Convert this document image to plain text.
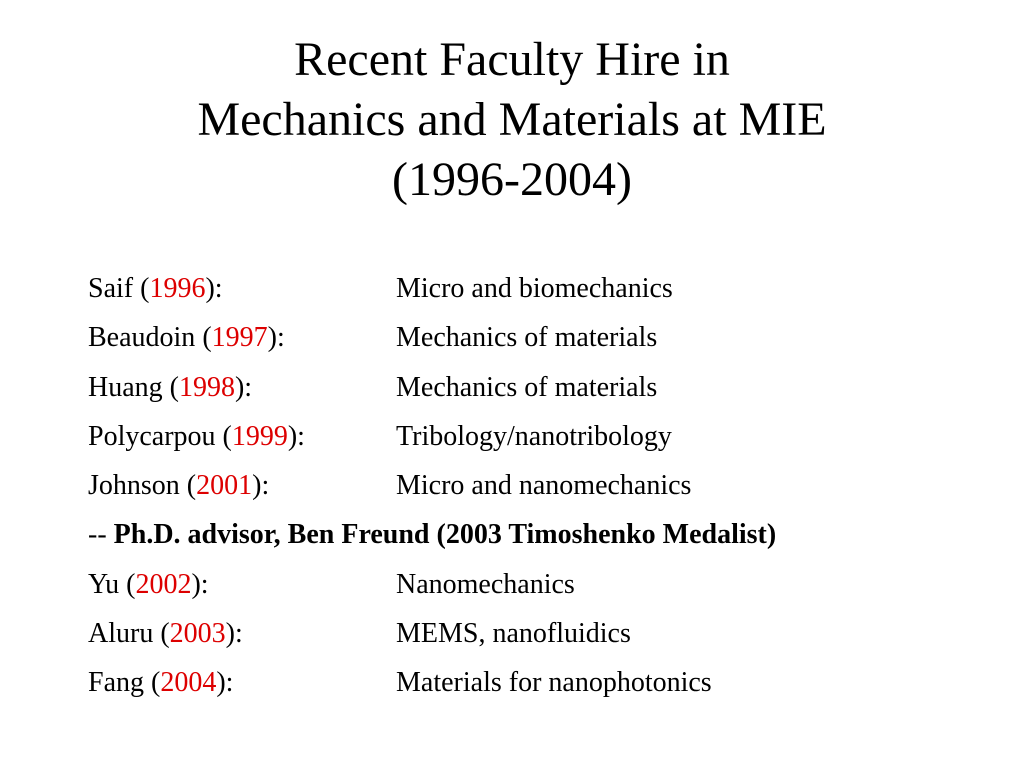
Recent Faculty Hire in
Mechanics and Materials at MIE
(1996-2004)
Saif (1996):	Micro and biomechanics
Beaudoin (1997):	Mechanics of materials
Huang (1998):	Mechanics of materials
Polycarpou (1999):	Tribology/nanotribology
Johnson (2001):	Micro and nanomechanics
-- Ph.D. advisor, Ben Freund (2003 Timoshenko Medalist)
Yu (2002):	Nanomechanics
Aluru (2003):	MEMS, nanofluidics
Fang (2004):	Materials for nanophotonics
